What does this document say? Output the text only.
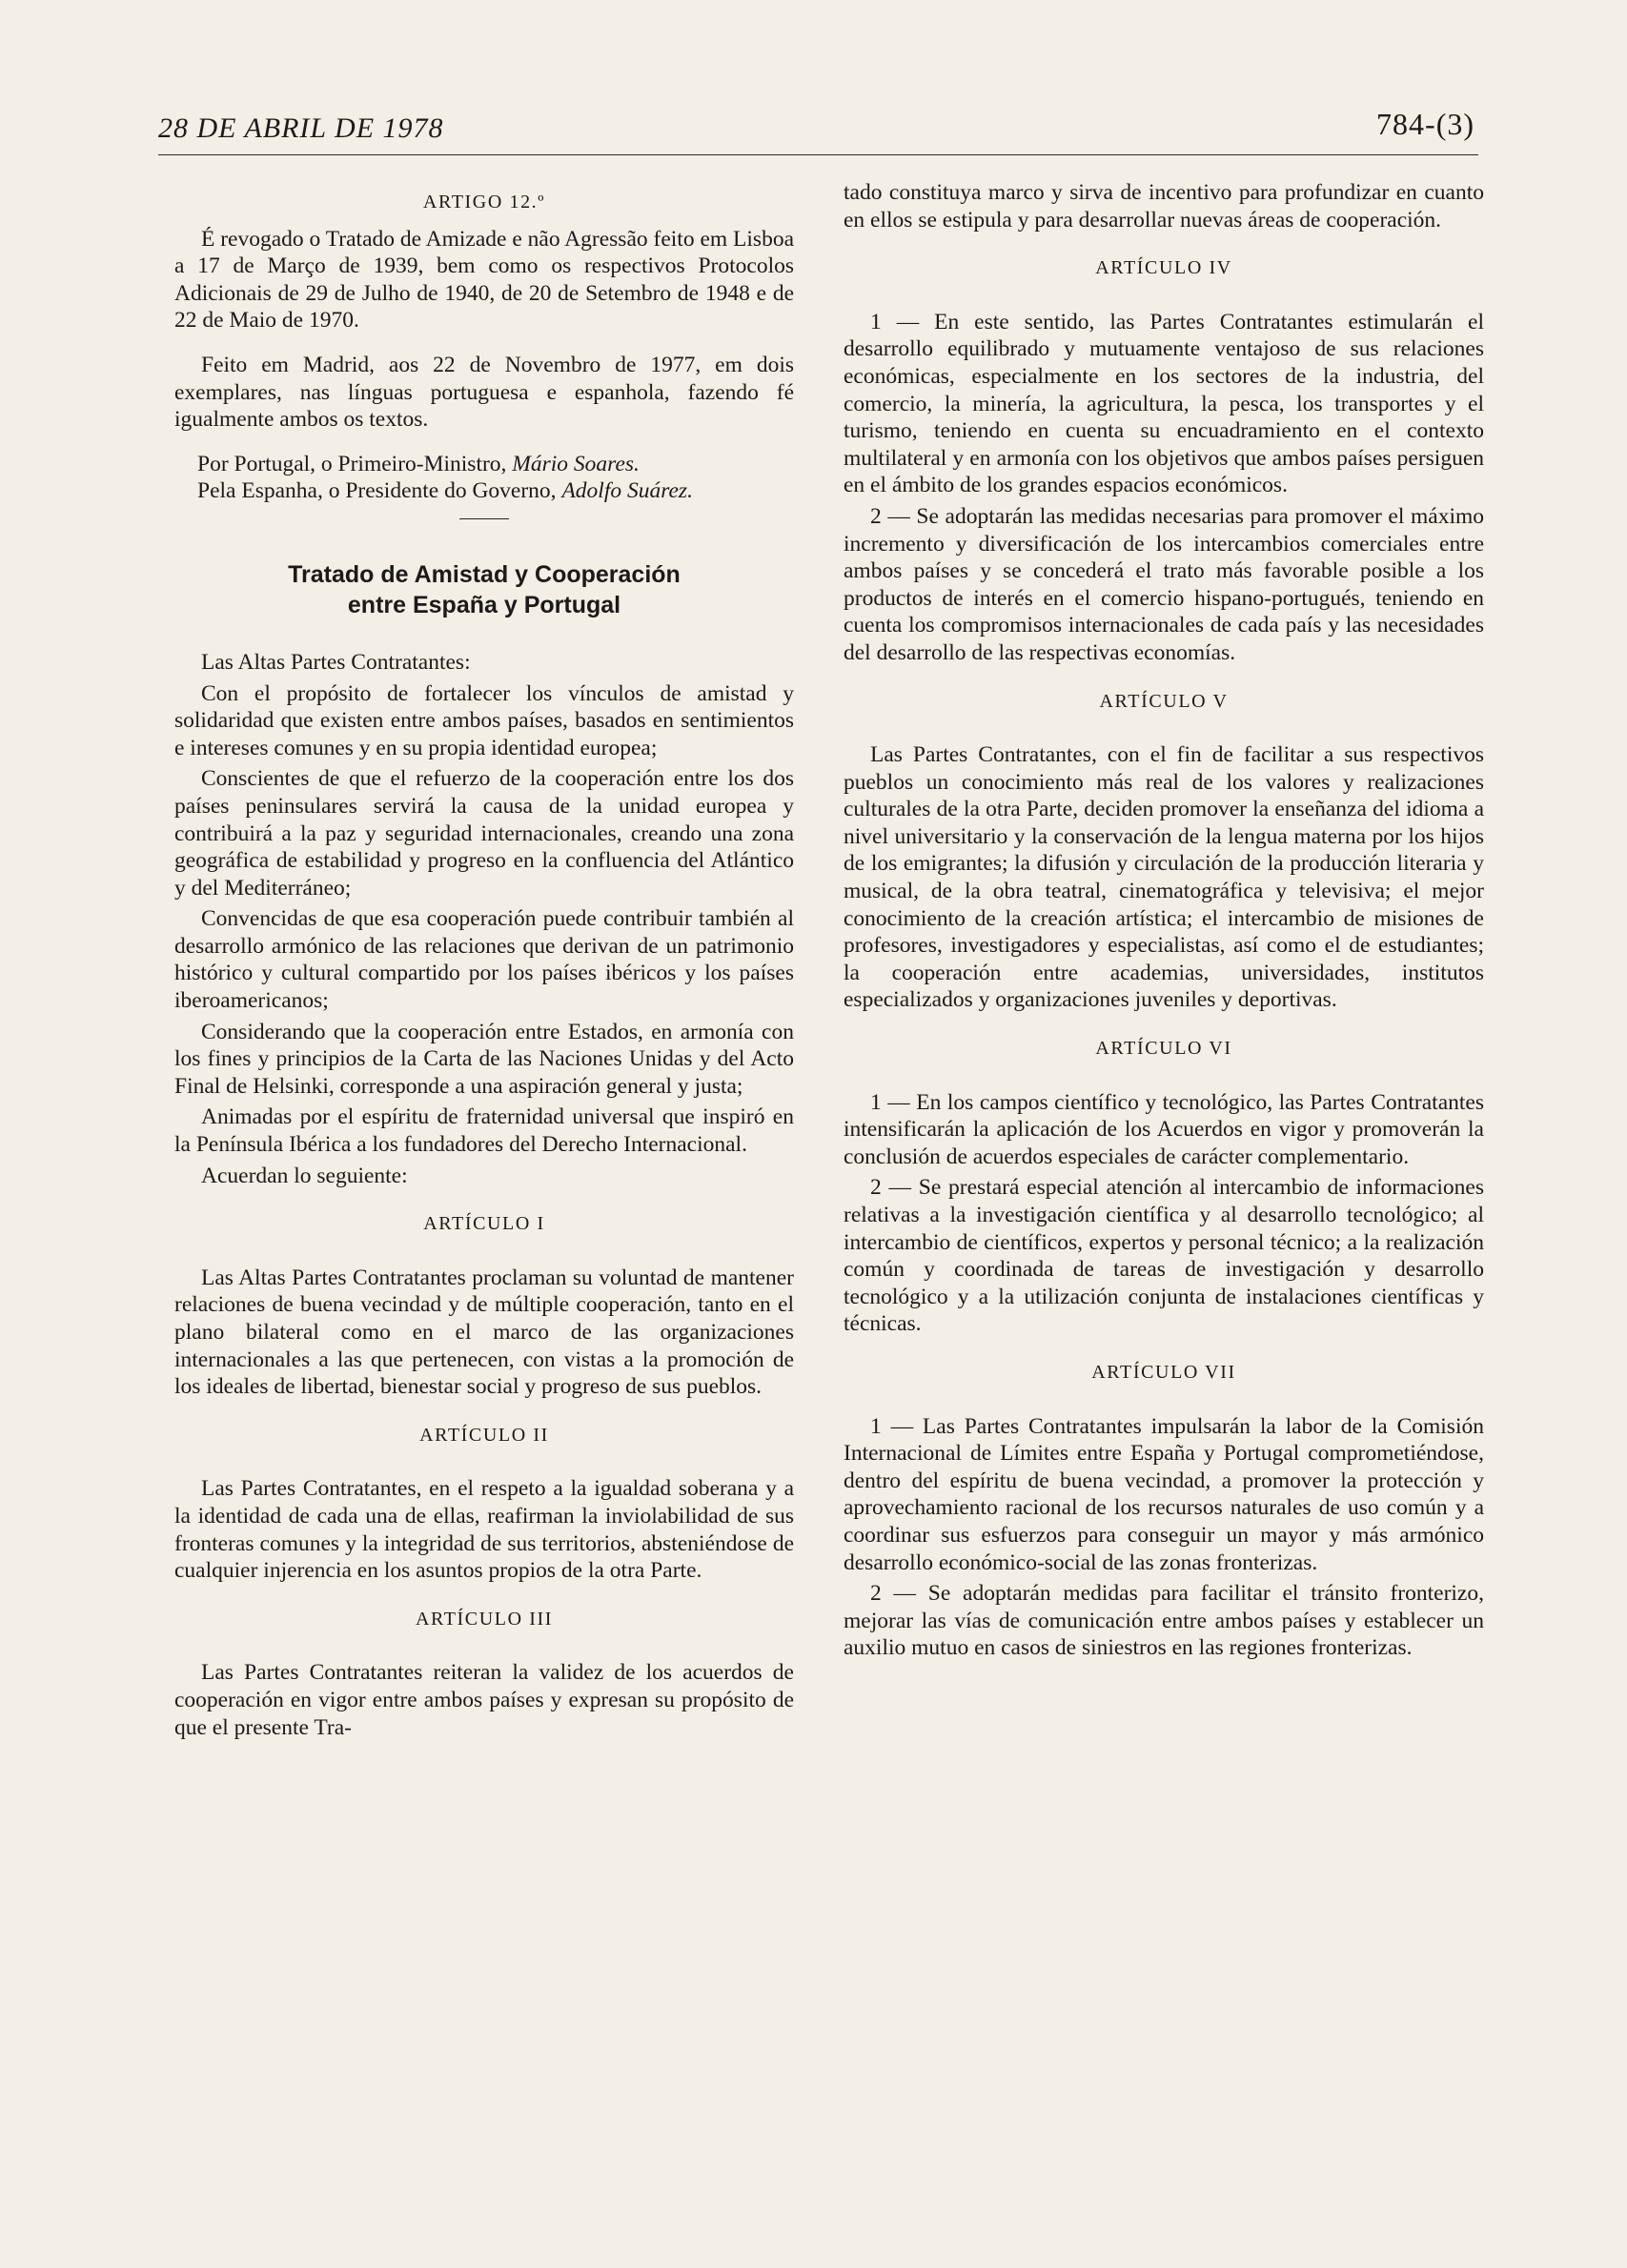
28 DE ABRIL DE 1978	784-(3)
ARTIGO 12.º

É revogado o Tratado de Amizade e não Agressão feito em Lisboa a 17 de Março de 1939, bem como os respectivos Protocolos Adicionais de 29 de Julho de 1940, de 20 de Setembro de 1948 e de 22 de Maio de 1970.

Feito em Madrid, aos 22 de Novembro de 1977, em dois exemplares, nas línguas portuguesa e espanhola, fazendo fé igualmente ambos os textos.

Por Portugal, o Primeiro-Ministro, Mário Soares.

Pela Espanha, o Presidente do Governo, Adolfo Suárez.

Tratado de Amistad y Cooperación
entre España y Portugal

Las Altas Partes Contratantes:

Con el propósito de fortalecer los vínculos de amistad y solidaridad que existen entre ambos países, basados en sentimientos e intereses comunes y en su propia identidad europea;

Conscientes de que el refuerzo de la cooperación entre los dos países peninsulares servirá la causa de la unidad europea y contribuirá a la paz y seguridad internacionales, creando una zona geográfica de estabilidad y progreso en la confluencia del Atlántico y del Mediterráneo;

Convencidas de que esa cooperación puede contribuir también al desarrollo armónico de las relaciones que derivan de un patrimonio histórico y cultural compartido por los países ibéricos y los países iberoamericanos;

Considerando que la cooperación entre Estados, en armonía con los fines y principios de la Carta de las Naciones Unidas y del Acto Final de Helsinki, corresponde a una aspiración general y justa;

Animadas por el espíritu de fraternidad universal que inspiró en la Península Ibérica a los fundadores del Derecho Internacional.

Acuerdan lo seguiente:

ARTÍCULO I

Las Altas Partes Contratantes proclaman su voluntad de mantener relaciones de buena vecindad y de múltiple cooperación, tanto en el plano bilateral como en el marco de las organizaciones internacionales a las que pertenecen, con vistas a la promoción de los ideales de libertad, bienestar social y progreso de sus pueblos.

ARTÍCULO II

Las Partes Contratantes, en el respeto a la igualdad soberana y a la identidad de cada una de ellas, reafirman la inviolabilidad de sus fronteras comunes y la integridad de sus territorios, absteniéndose de cualquier injerencia en los asuntos propios de la otra Parte.

ARTÍCULO III

Las Partes Contratantes reiteran la validez de los acuerdos de cooperación en vigor entre ambos países y expresan su propósito de que el presente Tra-

tado constituya marco y sirva de incentivo para profundizar en cuanto en ellos se estipula y para desarrollar nuevas áreas de cooperación.

ARTÍCULO IV

1 — En este sentido, las Partes Contratantes estimularán el desarrollo equilibrado y mutuamente ventajoso de sus relaciones económicas, especialmente en los sectores de la industria, del comercio, la minería, la agricultura, la pesca, los transportes y el turismo, teniendo en cuenta su encuadramiento en el contexto multilateral y en armonía con los objetivos que ambos países persiguen en el ámbito de los grandes espacios económicos.

2 — Se adoptarán las medidas necesarias para promover el máximo incremento y diversificación de los intercambios comerciales entre ambos países y se concederá el trato más favorable posible a los productos de interés en el comercio hispano-portugués, teniendo en cuenta los compromisos internacionales de cada país y las necesidades del desarrollo de las respectivas economías.

ARTÍCULO V

Las Partes Contratantes, con el fin de facilitar a sus respectivos pueblos un conocimiento más real de los valores y realizaciones culturales de la otra Parte, deciden promover la enseñanza del idioma a nivel universitario y la conservación de la lengua materna por los hijos de los emigrantes; la difusión y circulación de la producción literaria y musical, de la obra teatral, cinematográfica y televisiva; el mejor conocimiento de la creación artística; el intercambio de misiones de profesores, investigadores y especialistas, así como el de estudiantes; la cooperación entre academias, universidades, institutos especializados y organizaciones juveniles y deportivas.

ARTÍCULO VI

1 — En los campos científico y tecnológico, las Partes Contratantes intensificarán la aplicación de los Acuerdos en vigor y promoverán la conclusión de acuerdos especiales de carácter complementario.

2 — Se prestará especial atención al intercambio de informaciones relativas a la investigación científica y al desarrollo tecnológico; al intercambio de científicos, expertos y personal técnico; a la realización común y coordinada de tareas de investigación y desarrollo tecnológico y a la utilización conjunta de instalaciones científicas y técnicas.

ARTÍCULO VII

1 — Las Partes Contratantes impulsarán la labor de la Comisión Internacional de Límites entre España y Portugal comprometiéndose, dentro del espíritu de buena vecindad, a promover la protección y aprovechamiento racional de los recursos naturales de uso común y a coordinar sus esfuerzos para conseguir un mayor y más armónico desarrollo económico-social de las zonas fronterizas.

2 — Se adoptarán medidas para facilitar el tránsito fronterizo, mejorar las vías de comunicación entre ambos países y establecer un auxilio mutuo en casos de siniestros en las regiones fronterizas.
